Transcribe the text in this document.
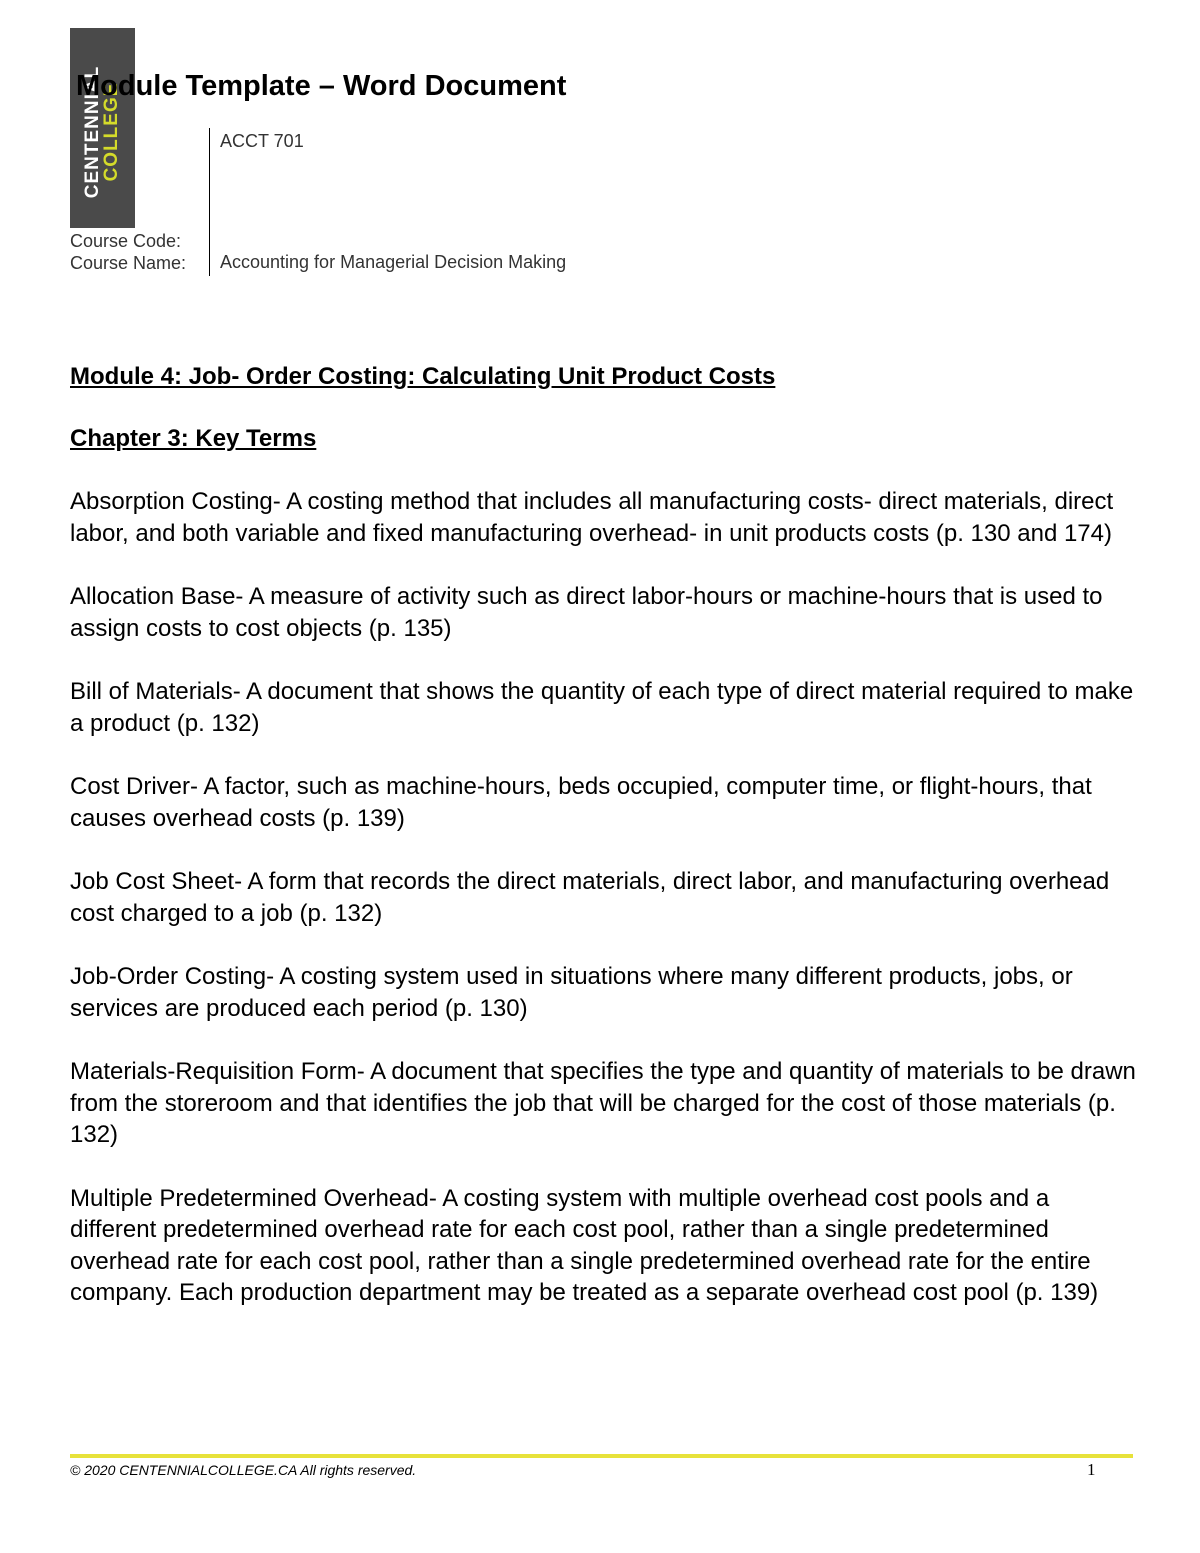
CENTENNIAL
COLLEGE
Module Template – Word Document
Course Code:
Course Name:
ACCT 701
Accounting for Managerial Decision Making

Module 4: Job- Order Costing: Calculating Unit Product Costs

Chapter 3: Key Terms

Absorption Costing- A costing method that includes all manufacturing costs- direct materials, direct labor, and both variable and fixed manufacturing overhead- in unit products costs (p. 130 and 174)

Allocation Base- A measure of activity such as direct labor-hours or machine-hours that is used to assign costs to cost objects (p. 135)

Bill of Materials- A document that shows the quantity of each type of direct material required to make a product (p. 132)

Cost Driver- A factor, such as machine-hours, beds occupied, computer time, or flight-hours, that causes overhead costs (p. 139)

Job Cost Sheet- A form that records the direct materials, direct labor, and manufacturing overhead cost charged to a job (p. 132)

Job-Order Costing- A costing system used in situations where many different products, jobs, or services are produced each period (p. 130)

Materials-Requisition Form- A document that specifies the type and quantity of materials to be drawn from the storeroom and that identifies the job that will be charged for the cost of those materials (p. 132)

Multiple Predetermined Overhead- A costing system with multiple overhead cost pools and a different predetermined overhead rate for each cost pool, rather than a single predetermined overhead rate for each cost pool, rather than a single predetermined overhead rate for the entire company. Each production department may be treated as a separate overhead cost pool (p. 139)

© 2020 CENTENNIALCOLLEGE.CA All rights reserved.	1
